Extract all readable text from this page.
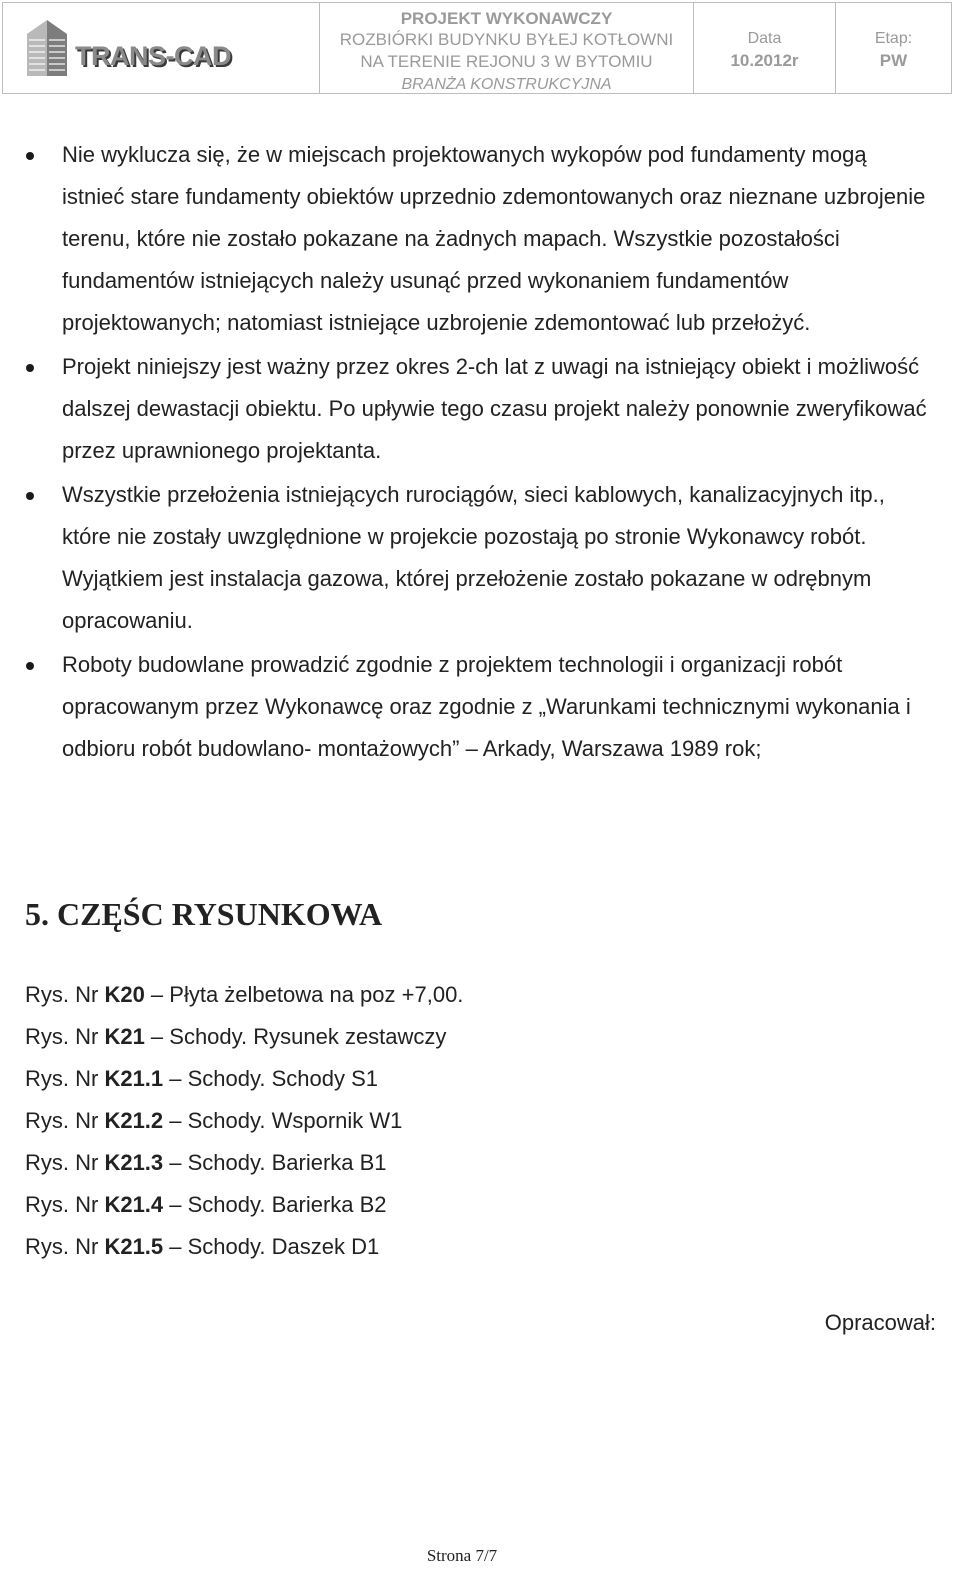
TRANS-CAD
PROJEKT WYKONAWCZY
ROZBIÓRKI BUDYNKU BYŁEJ KOTŁOWNI
NA TERENIE REJONU 3 W BYTOMIU
BRANŻA KONSTRUKCYJNA
Data
10.2012r
Etap:
PW
Nie wyklucza się, że w miejscach projektowanych wykopów pod fundamenty mogą istnieć stare fundamenty obiektów uprzednio zdemontowanych oraz nieznane uzbrojenie terenu, które nie zostało pokazane na żadnych mapach. Wszystkie pozostałości fundamentów istniejących należy usunąć przed wykonaniem fundamentów projektowanych; natomiast istniejące uzbrojenie zdemontować lub przełożyć.
Projekt niniejszy jest ważny przez okres 2-ch lat z uwagi na istniejący obiekt i możliwość dalszej dewastacji obiektu. Po upływie tego czasu projekt należy ponownie zweryfikować przez uprawnionego projektanta.
Wszystkie przełożenia istniejących rurociągów, sieci kablowych, kanalizacyjnych itp., które nie zostały uwzględnione w projekcie pozostają po stronie Wykonawcy robót. Wyjątkiem jest instalacja gazowa, której przełożenie zostało pokazane w odrębnym opracowaniu.
Roboty budowlane prowadzić zgodnie z projektem technologii i organizacji robót opracowanym przez Wykonawcę oraz zgodnie z „Warunkami technicznymi wykonania i odbioru robót budowlano- montażowych” – Arkady, Warszawa 1989 rok;
5. CZĘŚC RYSUNKOWA
Rys. Nr K20 – Płyta żelbetowa na poz +7,00.
Rys. Nr K21 – Schody. Rysunek zestawczy
Rys. Nr K21.1 – Schody. Schody S1
Rys. Nr K21.2 – Schody. Wspornik W1
Rys. Nr K21.3 – Schody. Barierka B1
Rys. Nr K21.4 – Schody. Barierka B2
Rys. Nr K21.5 – Schody. Daszek D1
Opracował:
Strona 7/7
